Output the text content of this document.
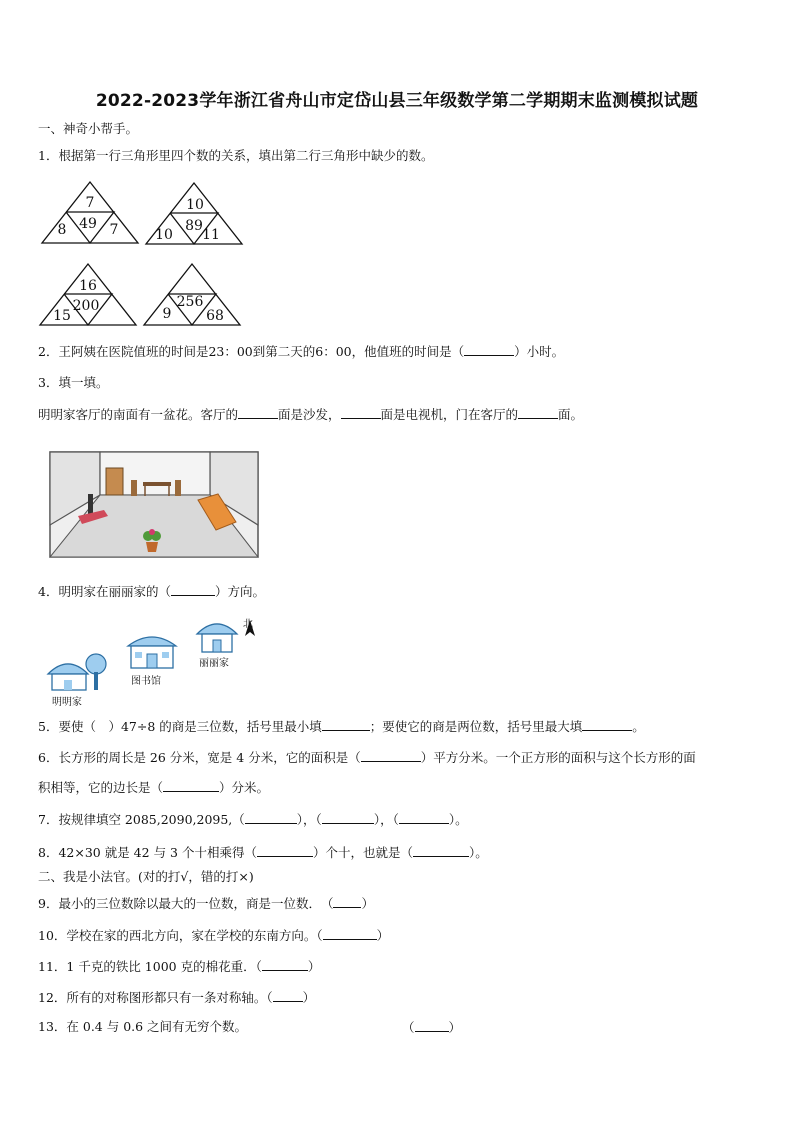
2022-2023学年浙江省舟山市定岱山县三年级数学第二学期期末监测模拟试题
一、神奇小帮手。
1．根据第一行三角形里四个数的关系，填出第二行三角形中缺少的数。
7
49
8	7
10
89
10 11
16
200
15
256
9 68
2．王阿姨在医院值班的时间是23：00到第二天的6：00，他值班的时间是（	）小时。
3．填一填。
明明家客厅的南面有一盆花。客厅的	面是沙发，	面是电视机，门在客厅的	面。
4．明明家在丽丽家的（	）方向。
北
丽丽家
图书馆
明明家
5．要使（　）47÷8 的商是三位数，括号里最小填	；要使它的商是两位数，括号里最大填	。
6．长方形的周长是 26 分米，宽是 4 分米，它的面积是（	）平方分米。一个正方形的面积与这个长方形的面
积相等，它的边长是（	）分米。
7．按规律填空 2085,2090,2095,（	），（	），（	）。
8．42×30 就是 42 与 3 个十相乘得（	）个十，也就是（	）。
二、我是小法官。(对的打√，错的打×)
9．最小的三位数除以最大的一位数，商是一位数．　（ ）
10．学校在家的西北方向，家在学校的东南方向。（	）
11．1 千克的铁比 1000 克的棉花重．（	）
12．所有的对称图形都只有一条对称轴。（ ）
13．在 0.4 与 0.6 之间有无穷个数。	（	）
